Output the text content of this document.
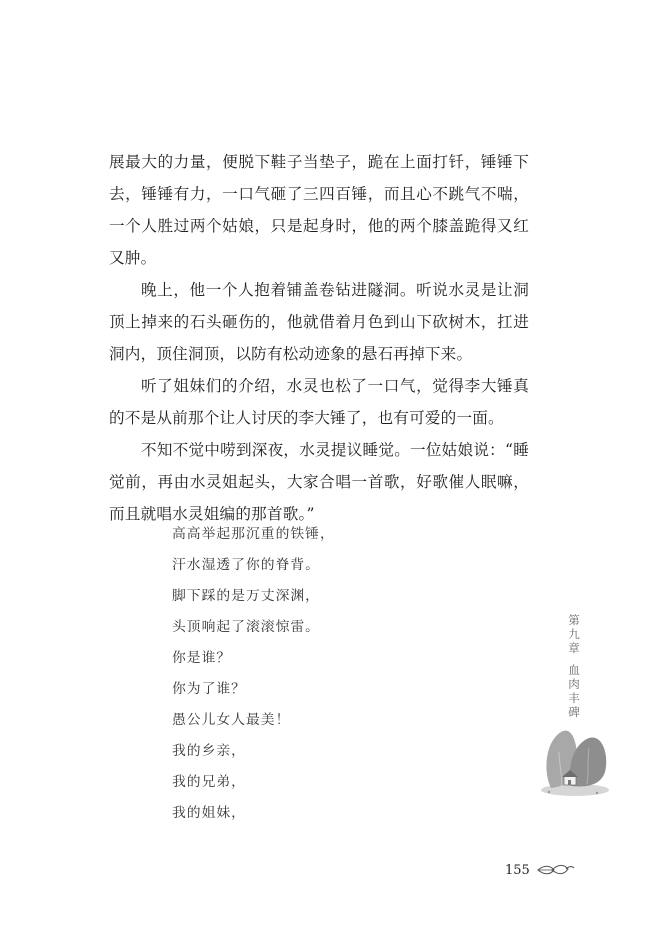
展最大的力量，便脱下鞋子当垫子，跪在上面打钎，锤锤下去，锤锤有力，一口气砸了三四百锤，而且心不跳气不喘，一个人胜过两个姑娘，只是起身时，他的两个膝盖跪得又红又肿。

晚上，他一个人抱着铺盖卷钻进隧洞。听说水灵是让洞顶上掉来的石头砸伤的，他就借着月色到山下砍树木，扛进洞内，顶住洞顶，以防有松动迹象的悬石再掉下来。

听了姐妹们的介绍，水灵也松了一口气，觉得李大锤真的不是从前那个让人讨厌的李大锤了，也有可爱的一面。

不知不觉中唠到深夜，水灵提议睡觉。一位姑娘说：“睡觉前，再由水灵姐起头，大家合唱一首歌，好歌催人眠嘛，而且就唱水灵姐编的那首歌。”

高高举起那沉重的铁锤，
汗水湿透了你的脊背。
脚下踩的是万丈深渊，
头顶响起了滚滚惊雷。
你是谁？
你为了谁？
愚公儿女人最美！
我的乡亲，
我的兄弟，
我的姐妹，
第九章
血肉丰碑
155
